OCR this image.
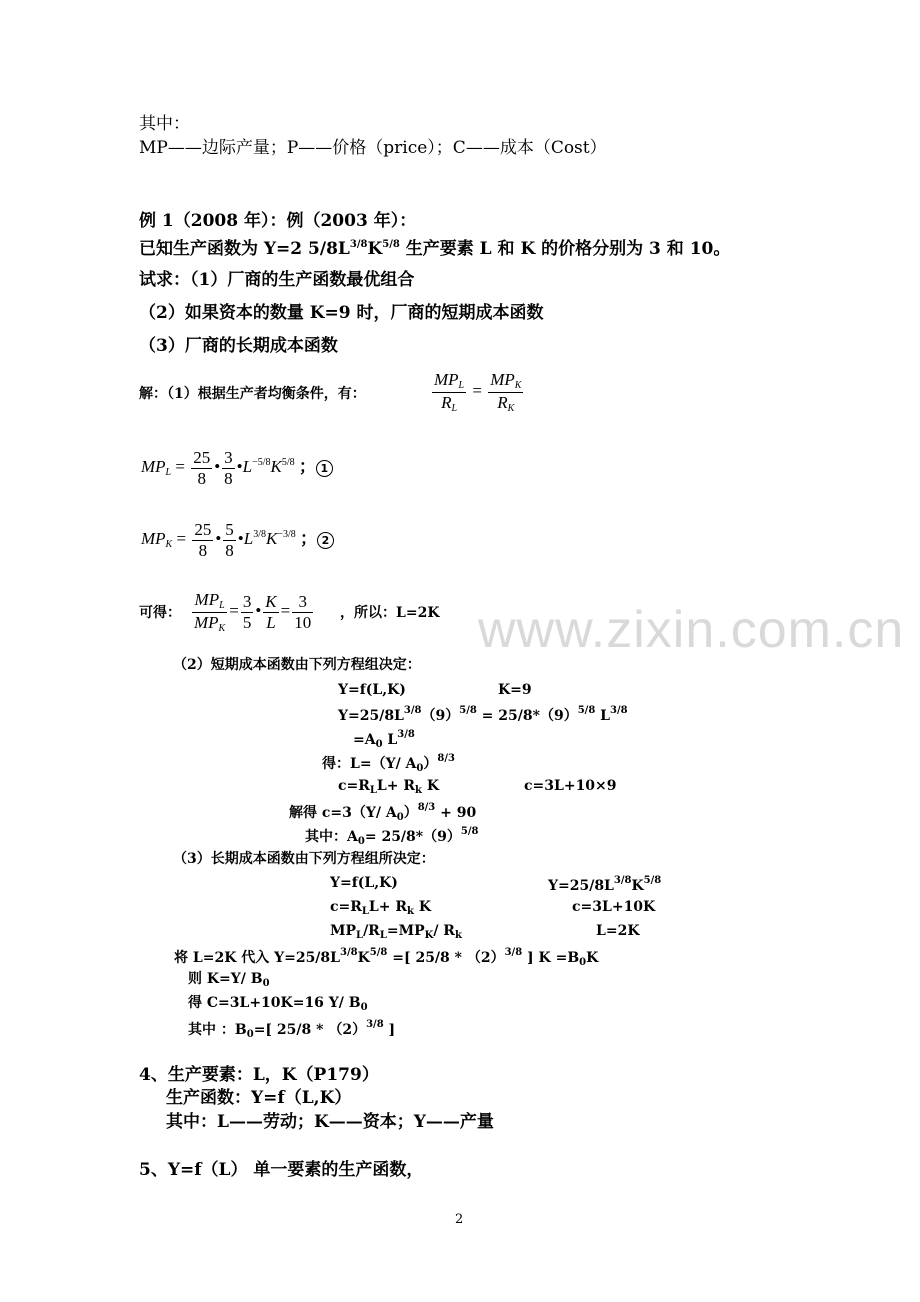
www.zixin.com.cn
其中：
MP——边际产量；P——价格（price）；C——成本（Cost）
例 1（2008 年）：例（2003 年）：
已知生产函数为 Y=2 $5/8L^{3/8}K^{5/8}$ 生产要素 L 和 K 的价格分别为 3 和 10。
试求：（1）厂商的生产函数最优组合
（2）如果资本的数量 K=9 时，厂商的短期成本函数
（3）厂商的长期成本函数
解：（1）根据生产者均衡条件，有：	$\frac{MP_L}{R_L} = \frac{MP_K}{R_K}$
$MP_L = \frac{25}{8}$ • $\frac{3}{8}$ $•L^{-5/8}K^{5/8}$ ； 1
$MP_K = \frac{25}{8}$ • $\frac{5}{8}$ $•L^{3/8}K^{-3/8}$ ； 2
可得： $\frac{MP_L}{MP_K} = \frac{3}{5}$ • $\frac{K}{L} = \frac{3}{10}$ ，所以：L=2K
（2）短期成本函数由下列方程组决定：
Y=f(L,K)	K=9
$Y=25/8L^{3/8}(9)^{5/8} = 25/8*(9)^{5/8}$ $L^{3/8}$
$=A_0$ $L^{3/8}$
得：L=（Y/ $A_0)^{8/3}$
$c=R_LL+ R_k$ K	c=3L+10×9
解得 c=3（Y/ $A_0)^{8/3} + 90$
其中：$A_0= 25/8*(9)^{5/8}$
（3）长期成本函数由下列方程组所决定：
Y=f(L,K)	$Y=25/8L^{3/8}K^{5/8}$
$c=R_LL+ R_k$ K	c=3L+10K
$MP_L/R_L=MP_K/$ $R_k$	L=2K
将 L=2K 代入 $Y=25/8L^{3/8}K^{5/8}$ =[ $25/8 * (2)^{3/8}$ ] $K =B_0K$
则 K=Y/ $B_0$
得 C=3L+10K=16 Y/ $B_0$
其中 ：$B_0=$[ $25/8 * (2)^{3/8}$ ]
4、生产要素：L，K（P179）
生产函数：Y=f（L,K）
其中：L——劳动；K——资本；Y——产量
5、Y=f（L） 单一要素的生产函数，
2
